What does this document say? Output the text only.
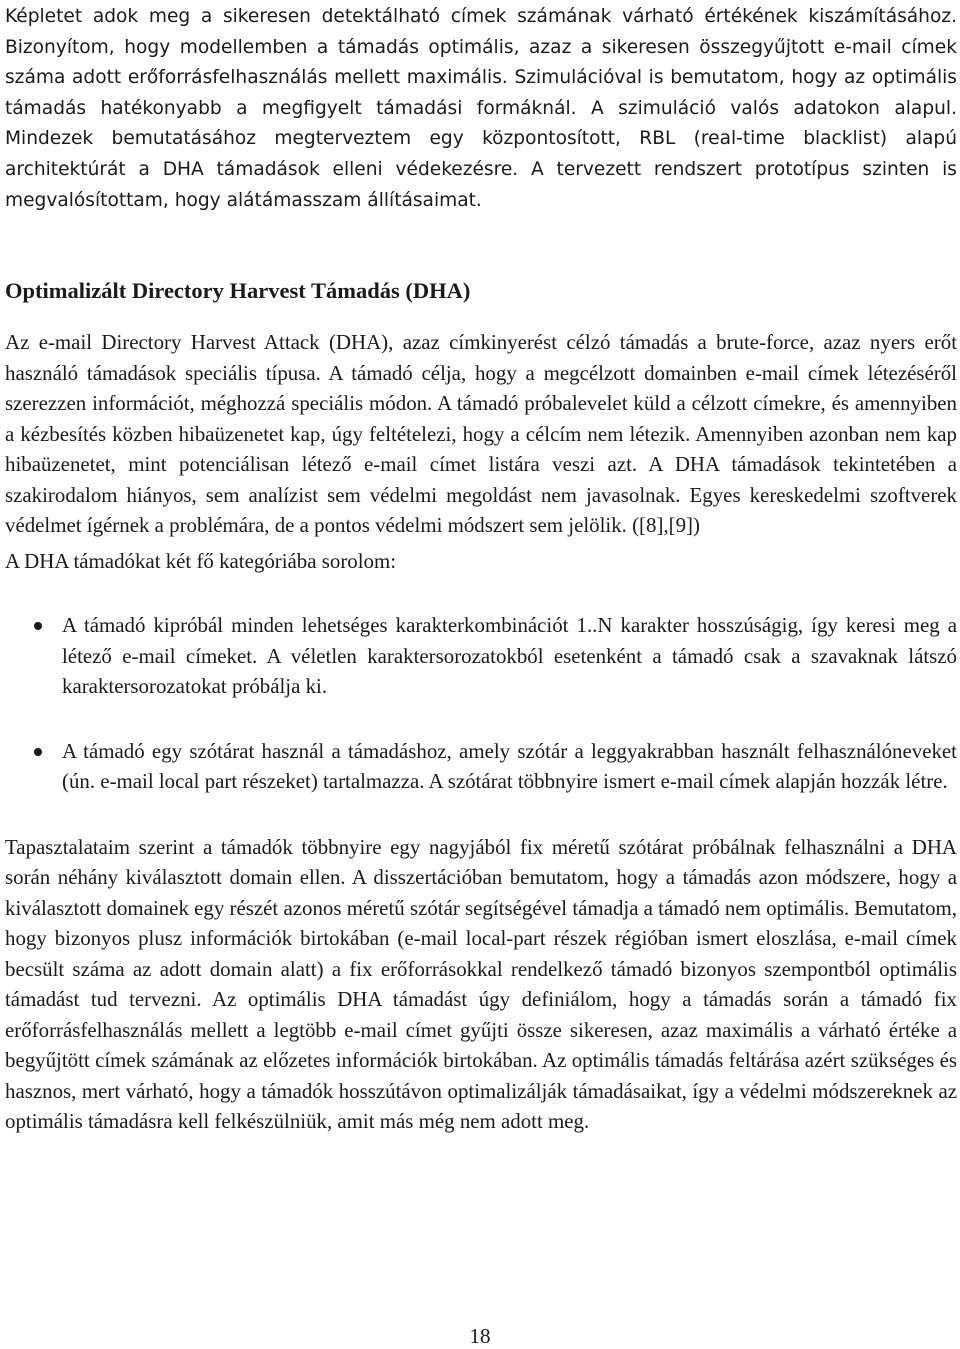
Képletet adok meg a sikeresen detektálható címek számának várható értékének kiszámításához. Bizonyítom, hogy modellemben a támadás optimális, azaz a sikeresen összegyűjtott e-mail címek száma adott erőforrásfelhasználás mellett maximális. Szimulációval is bemutatom, hogy az optimális támadás hatékonyabb a megfigyelt támadási formáknál. A szimuláció valós adatokon alapul. Mindezek bemutatásához megterveztem egy központosított, RBL (real-time blacklist) alapú architektúrát a DHA támadások elleni védekezésre. A tervezett rendszert prototípus szinten is megvalósítottam, hogy alátámasszam állításaimat.

Optimalizált Directory Harvest Támadás (DHA)

Az e-mail Directory Harvest Attack (DHA), azaz címkinyerést célzó támadás a brute-force, azaz nyers erőt használó támadások speciális típusa. A támadó célja, hogy a megcélzott domainben e-mail címek létezéséről szerezzen információt, méghozzá speciális módon. A támadó próbalevelet küld a célzott címekre, és amennyiben a kézbesítés közben hibaüzenetet kap, úgy feltételezi, hogy a célcím nem létezik. Amennyiben azonban nem kap hibaüzenetet, mint potenciálisan létező e-mail címet listára veszi azt. A DHA támadások tekintetében a szakirodalom hiányos, sem analízist sem védelmi megoldást nem javasolnak. Egyes kereskedelmi szoftverek védelmet ígérnek a problémára, de a pontos védelmi módszert sem jelölik. ([8],[9])

A DHA támadókat két fő kategóriába sorolom:

A támadó kipróbál minden lehetséges karakterkombinációt 1..N karakter hosszúságig, így keresi meg a létező e-mail címeket. A véletlen karaktersorozatokból esetenként a támadó csak a szavaknak látszó karaktersorozatokat próbálja ki.

A támadó egy szótárat használ a támadáshoz, amely szótár a leggyakrabban használt felhasználóneveket (ún. e-mail local part részeket) tartalmazza. A szótárat többnyire ismert e-mail címek alapján hozzák létre.

Tapasztalataim szerint a támadók többnyire egy nagyjából fix méretű szótárat próbálnak felhasználni a DHA során néhány kiválasztott domain ellen. A disszertációban bemutatom, hogy a támadás azon módszere, hogy a kiválasztott domainek egy részét azonos méretű szótár segítségével támadja a támadó nem optimális. Bemutatom, hogy bizonyos plusz információk birtokában (e-mail local-part részek régióban ismert eloszlása, e-mail címek becsült száma az adott domain alatt) a fix erőforrásokkal rendelkező támadó bizonyos szempontból optimális támadást tud tervezni. Az optimális DHA támadást úgy definiálom, hogy a támadás során a támadó fix erőforrásfelhasználás mellett a legtöbb e-mail címet gyűjti össze sikeresen, azaz maximális a várható értéke a begyűjtött címek számának az előzetes információk birtokában. Az optimális támadás feltárása azért szükséges és hasznos, mert várható, hogy a támadók hosszútávon optimalizálják támadásaikat, így a védelmi módszereknek az optimális támadásra kell felkészülniük, amit más még nem adott meg.

18
